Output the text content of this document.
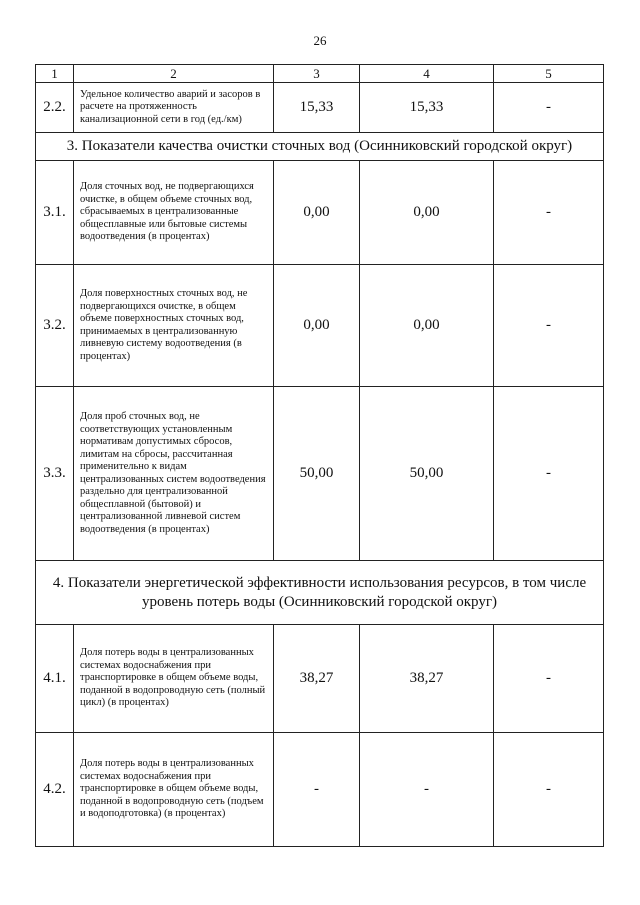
26
1	2	3	4	5
2.2.	Удельное количество аварий и засоров в расчете на протяженность канализационной сети в год (ед./км)	15,33	15,33	-
3. Показатели качества очистки сточных вод (Осинниковский городской округ)				
3.1.	Доля сточных вод, не подвергающихся очистке, в общем объеме сточных вод, сбрасываемых в централизованные общесплавные или бытовые системы водоотведения (в процентах)	0,00	0,00	-
3.2.	Доля поверхностных сточных вод, не подвергающихся очистке, в общем объеме поверхностных сточных вод, принимаемых в централизованную ливневую систему водоотведения (в процентах)	0,00	0,00	-
3.3.	Доля проб сточных вод, не соответствующих установленным нормативам допустимых сбросов, лимитам на сбросы, рассчитанная применительно к видам централизованных систем водоотведения раздельно для централизованной общесплавной (бытовой) и централизованной ливневой систем водоотведения (в процентах)	50,00	50,00	-
4. Показатели энергетической эффективности использования ресурсов, в том числе уровень потерь воды (Осинниковский городской округ)				
4.1.	Доля потерь воды в централизованных системах водоснабжения при транспортировке в общем объеме воды, поданной в водопроводную сеть (полный цикл) (в процентах)	38,27	38,27	-
4.2.	Доля потерь воды в централизованных системах водоснабжения при транспортировке в общем объеме воды, поданной в водопроводную сеть (подъем и водоподготовка) (в процентах)	-	-	-
